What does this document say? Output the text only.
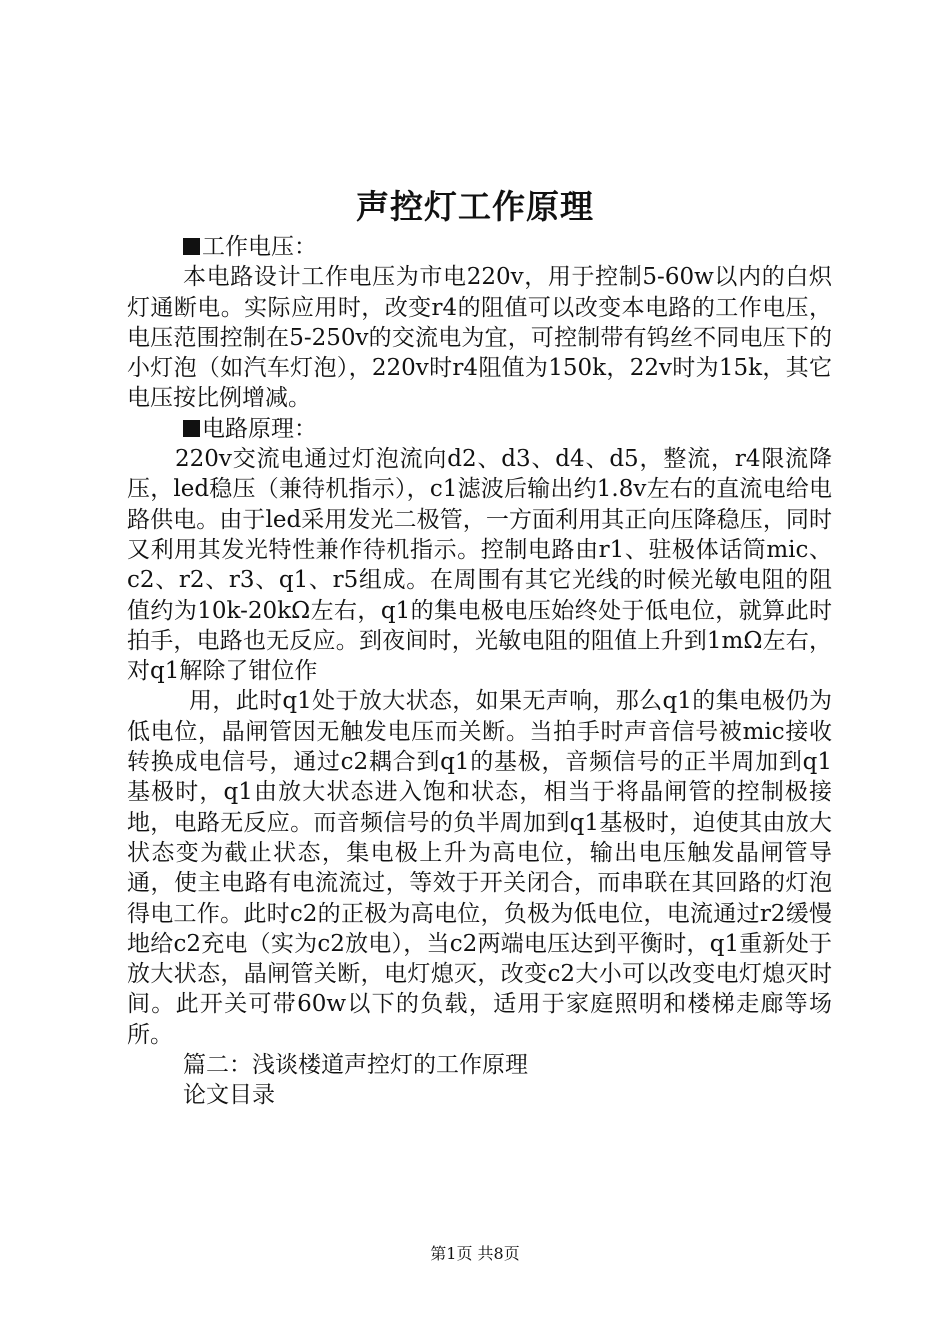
声控灯工作原理

工作电压：

本电路设计工作电压为市电220v，用于控制5-60w以内的白炽灯通断电。实际应用时，改变r4的阻值可以改变本电路的工作电压，电压范围控制在5-250v的交流电为宜，可控制带有钨丝不同电压下的小灯泡（如汽车灯泡），220v时r4阻值为150k，22v时为15k，其它电压按比例增减。

电路原理：

220v交流电通过灯泡流向d2、d3、d4、d5，整流，r4限流降压，led稳压（兼待机指示），c1滤波后输出约1.8v左右的直流电给电路供电。由于led采用发光二极管，一方面利用其正向压降稳压，同时又利用其发光特性兼作待机指示。控制电路由r1、驻极体话筒mic、c2、r2、r3、q1、r5组成。在周围有其它光线的时候光敏电阻的阻值约为10k-20kΩ左右，q1的集电极电压始终处于低电位，就算此时拍手，电路也无反应。到夜间时，光敏电阻的阻值上升到1mΩ左右，对q1解除了钳位作

用，此时q1处于放大状态，如果无声响，那么q1的集电极仍为低电位，晶闸管因无触发电压而关断。当拍手时声音信号被mic接收转换成电信号，通过c2耦合到q1的基极，音频信号的正半周加到q1基极时，q1由放大状态进入饱和状态，相当于将晶闸管的控制极接地，电路无反应。而音频信号的负半周加到q1基极时，迫使其由放大状态变为截止状态，集电极上升为高电位，输出电压触发晶闸管导通，使主电路有电流流过，等效于开关闭合，而串联在其回路的灯泡得电工作。此时c2的正极为高电位，负极为低电位，电流通过r2缓慢地给c2充电（实为c2放电），当c2两端电压达到平衡时，q1重新处于放大状态，晶闸管关断，电灯熄灭，改变c2大小可以改变电灯熄灭时间。此开关可带60w以下的负载，适用于家庭照明和楼梯走廊等场所。

篇二：浅谈楼道声控灯的工作原理

论文目录

第1页 共8页
